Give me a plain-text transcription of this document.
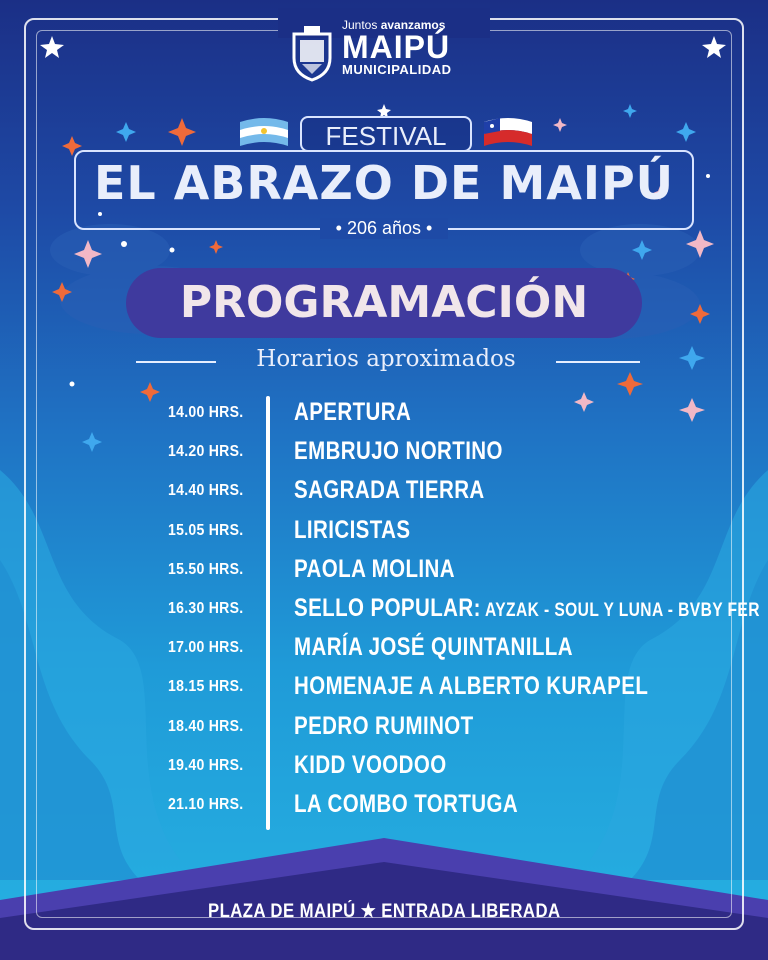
Juntos avanzamos
MAIPÚ
MUNICIPALIDAD
FESTIVAL
EL ABRAZO DE MAIPÚ
• 206 años •
PROGRAMACIÓN
Horarios aproximados
14.00 HRS. APERTURA
14.20 HRS. EMBRUJO NORTINO
14.40 HRS. SAGRADA TIERRA
15.05 HRS. LIRICISTAS
15.50 HRS. PAOLA MOLINA
16.30 HRS. SELLO POPULAR: AYZAK - SOUL Y LUNA - BVBY FER
17.00 HRS. MARÍA JOSÉ QUINTANILLA
18.15 HRS. HOMENAJE A ALBERTO KURAPEL
18.40 HRS. PEDRO RUMINOT
19.40 HRS. KIDD VOODOO
21.10 HRS. LA COMBO TORTUGA
PLAZA DE MAIPÚ ★ ENTRADA LIBERADA
